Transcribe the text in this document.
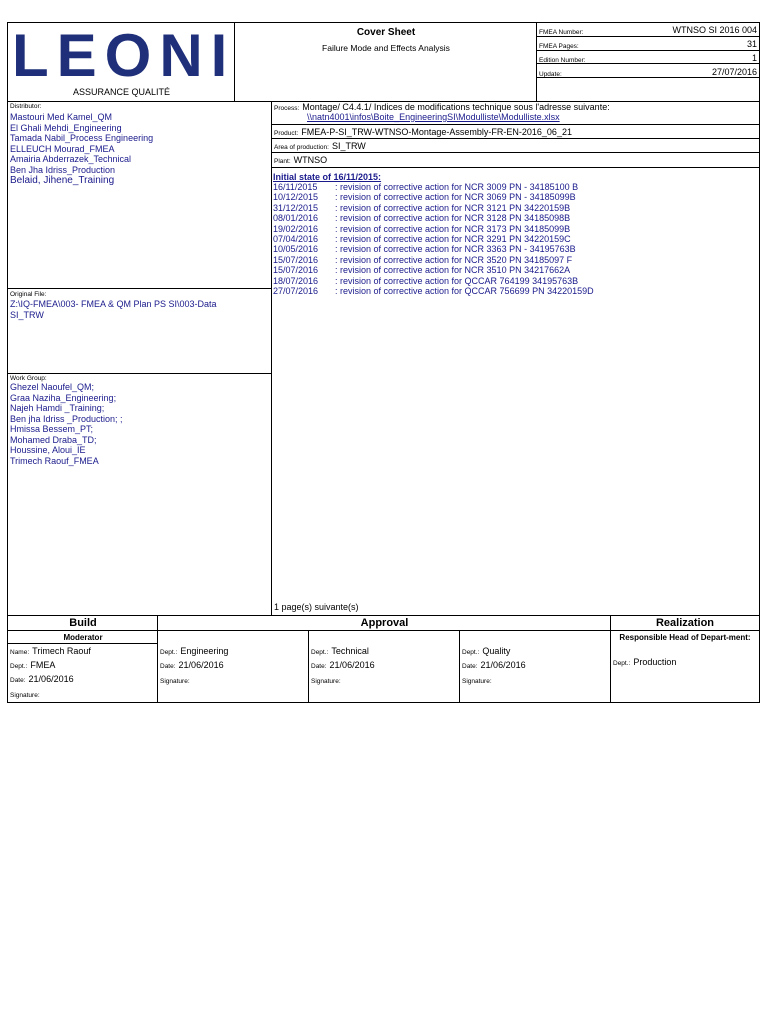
LEONI
ASSURANCE QUALITÉ
Cover Sheet
Failure Mode and Effects Analysis
FMEA Number:	WTNSO SI 2016 004
FMEA Pages:	31
Edition Number:	1
Update:	27/07/2016
Distributor:
Mastouri Med Kamel_QM
El Ghali Mehdi_Engineering
Tamada Nabil_Process Engineering
ELLEUCH Mourad_FMEA
Amairia Abderrazek_Technical
Ben Jha Idriss_Production
Belaid, Jihene_Training
Original File:
Z:\IQ-FMEA\003- FMEA & QM Plan PS SI\003-Data
SI_TRW
Work Group:
Ghezel Naoufel_QM;
Graa Naziha_Engineering;
Najeh Hamdi _Training;
Ben jha Idriss _Production; ;
Hmissa Bessem_PT;
Mohamed Draba_TD;
Houssine, Aloui_IE
Trimech Raouf_FMEA
Process: Montage/ C4.4.1/ Indices de modifications technique sous l'adresse suivante:
\\natn4001\infos\Boite_EngineeringSI\Modulliste\Modulliste.xlsx
Product: FMEA-P-SI_TRW-WTNSO-Montage-Assembly-FR-EN-2016_06_21
Area of production: SI_TRW
Plant: WTNSO
Initial state of 16/11/2015:
16/11/2015	: revision of corrective action for NCR 3009 PN - 34185100 B
10/12/2015	: revision of corrective action for NCR 3069 PN - 34185099B
31/12/2015	: revision of corrective action for NCR 3121 PN 34220159B
08/01/2016	: revision of corrective action for NCR 3128 PN 34185098B
19/02/2016	: revision of corrective action for NCR 3173 PN 34185099B
07/04/2016	: revision of corrective action for NCR 3291 PN 34220159C
10/05/2016	: revision of corrective action for NCR 3363 PN - 34195763B
15/07/2016	: revision of corrective action for NCR 3520 PN 34185097 F
15/07/2016	: revision of corrective action for NCR 3510 PN 34217662A
18/07/2016	: revision of corrective action for QCCAR 764199 34195763B
27/07/2016	: revision of corrective action for QCCAR 756699 PN 34220159D
1 page(s) suivante(s)
Build	Approval	Realization
Moderator
Name: Trimech Raouf
Dept.: FMEA
Date: 21/06/2016
Signature:
Dept.: Engineering
Date: 21/06/2016
Signature:
Dept.: Technical
Date: 21/06/2016
Signature:
Dept.: Quality
Date: 21/06/2016
Signature:
Responsible Head of Depart-ment:
Dept.: Production
